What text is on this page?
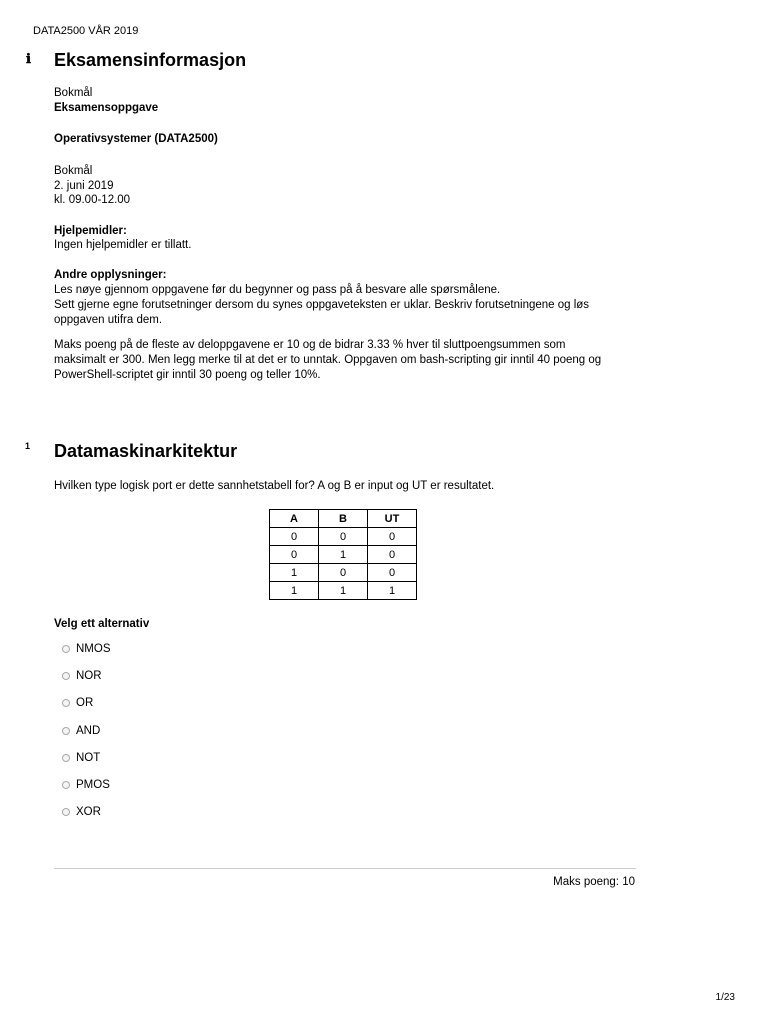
DATA2500 VÅR 2019
ℹ Eksamensinformasjon

Bokmål

Eksamensoppgave

Operativsystemer (DATA2500)

Bokmål

2. juni 2019

kl. 09.00-12.00

Hjelpemidler:

Ingen hjelpemidler er tillatt.

Andre opplysninger:

Les nøye gjennom oppgavene før du begynner og pass på å besvare alle spørsmålene.

Sett gjerne egne forutsetninger dersom du synes oppgaveteksten er uklar. Beskriv forutsetningene og løs

oppgaven utifra dem.

Maks poeng på de fleste av deloppgavene er 10 og de bidrar 3.33 % hver til sluttpoengsummen som

maksimalt er 300. Men legg merke til at det er to unntak. Oppgaven om bash-scripting gir inntil 40 poeng og

PowerShell-scriptet gir inntil 30 poeng og teller 10%.

1 Datamaskinarkitektur

Hvilken type logisk port er dette sannhetstabell for? A og B er input og UT er resultatet.

A	B	UT
0	0	0
0	1	0
1	0	0
1	1	1

Velg ett alternativ

NMOS
NOR
OR
AND
NOT
PMOS
XOR
Maks poeng: 10
1/23
